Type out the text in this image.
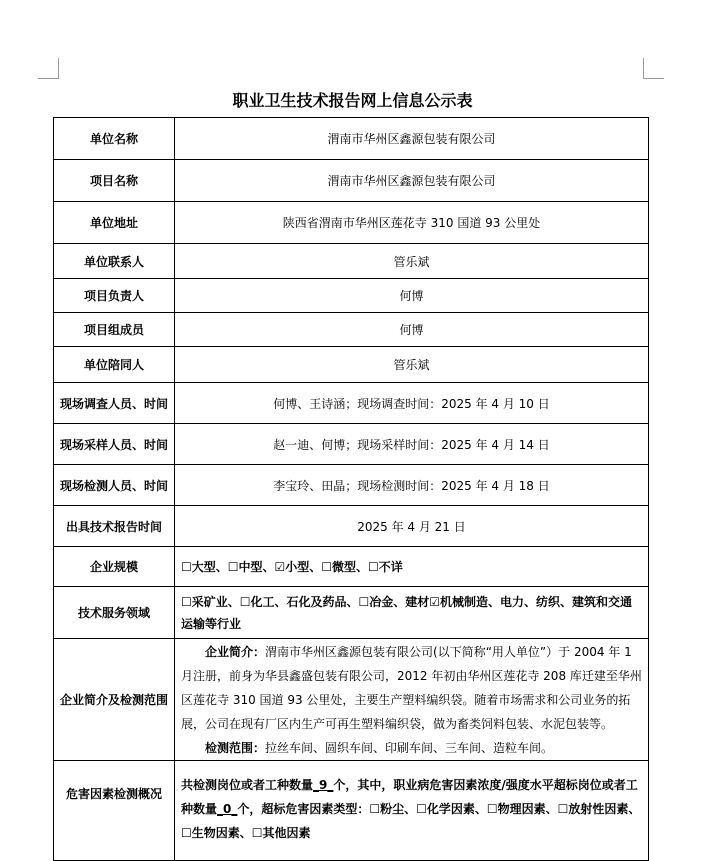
职业卫生技术报告网上信息公示表
单位名称	渭南市华州区鑫源包装有限公司
项目名称	渭南市华州区鑫源包装有限公司
单位地址	陕西省渭南市华州区莲花寺 310 国道 93 公里处
单位联系人	管乐斌
项目负责人	何博
项目组成员	何博
单位陪同人	管乐斌
现场调查人员、时间	何博、王诗涵；现场调查时间：2025 年 4 月 10 日
现场采样人员、时间	赵一迪、何博；现场采样时间：2025 年 4 月 14 日
现场检测人员、时间	李宝玲、田晶；现场检测时间：2025 年 4 月 18 日
出具技术报告时间	2025 年 4 月 21 日
企业规模	☐大型、☐中型、☑小型、☐微型、☐不详
技术服务领域	☐采矿业、☐化工、石化及药品、☐冶金、建材☑机械制造、电力、纺织、建筑和交通运输等行业
企业简介及检测范围	企业简介：渭南市华州区鑫源包装有限公司(以下简称“用人单位”）于 2004 年 1 月注册，前身为华县鑫盛包装有限公司，2012 年初由华州区莲花寺 208 库迁建至华州区莲花寺 310 国道 93 公里处，主要生产塑料编织袋。随着市场需求和公司业务的拓展，公司在现有厂区内生产可再生塑料编织袋，做为畜类饲料包装、水泥包装等。
检测范围：拉丝车间、圆织车间、印刷车间、三车间、造粒车间。

危害因素检测概况	共检测岗位或者工种数量_9_个，其中，职业病危害因素浓度/强度水平超标岗位或者工种数量_0_个，超标危害因素类型：☐粉尘、☐化学因素、☐物理因素、☐放射性因素、☐生物因素、☐其他因素
